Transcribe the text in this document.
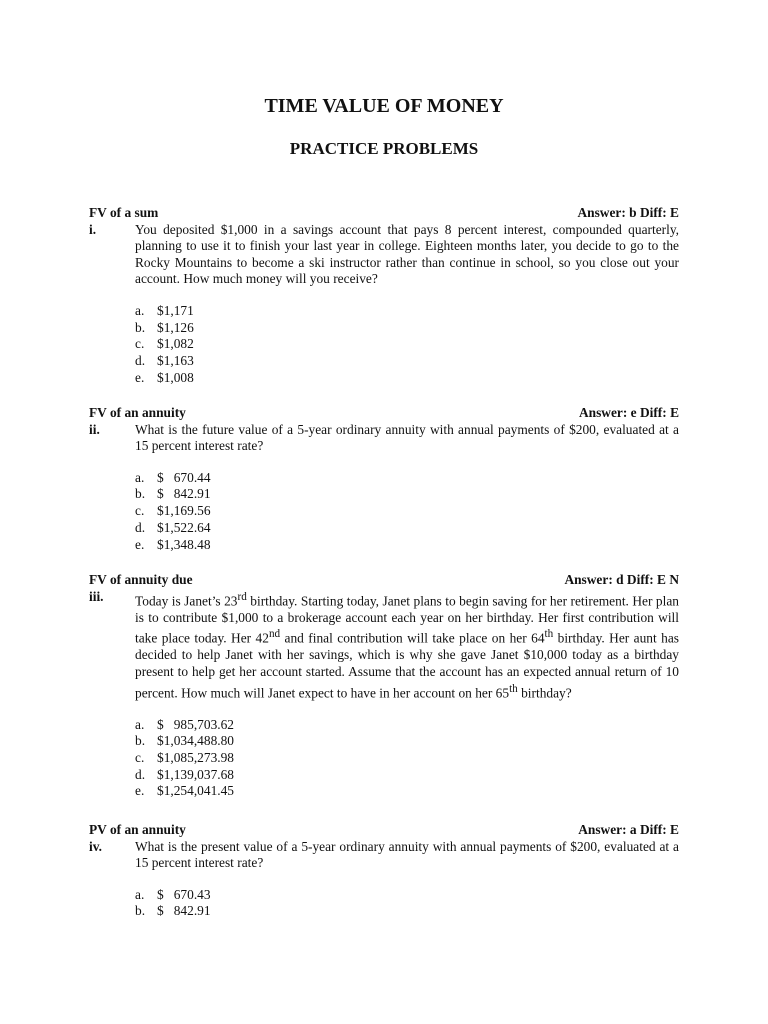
TIME VALUE OF MONEY
PRACTICE PROBLEMS
FV of a sum	Answer: b Diff: E
i.	You deposited $1,000 in a savings account that pays 8 percent interest, compounded quarterly, planning to use it to finish your last year in college. Eighteen months later, you decide to go to the Rocky Mountains to become a ski instructor rather than continue in school, so you close out your account. How much money will you receive?
a. $1,171
b. $1,126
c. $1,082
d. $1,163
e. $1,008
FV of an annuity	Answer: e Diff: E
ii.	What is the future value of a 5-year ordinary annuity with annual payments of $200, evaluated at a 15 percent interest rate?
a. $   670.44
b. $   842.91
c. $1,169.56
d. $1,522.64
e. $1,348.48
FV of annuity due	Answer: d Diff: E N
iii.	Today is Janet’s 23rd birthday. Starting today, Janet plans to begin saving for her retirement. Her plan is to contribute $1,000 to a brokerage account each year on her birthday. Her first contribution will take place today. Her 42nd and final contribution will take place on her 64th birthday. Her aunt has decided to help Janet with her savings, which is why she gave Janet $10,000 today as a birthday present to help get her account started. Assume that the account has an expected annual return of 10 percent. How much will Janet expect to have in her account on her 65th birthday?
a. $   985,703.62
b. $1,034,488.80
c. $1,085,273.98
d. $1,139,037.68
e. $1,254,041.45
PV of an annuity	Answer: a Diff: E
iv.	What is the present value of a 5-year ordinary annuity with annual payments of $200, evaluated at a 15 percent interest rate?
a. $   670.43
b. $   842.91
